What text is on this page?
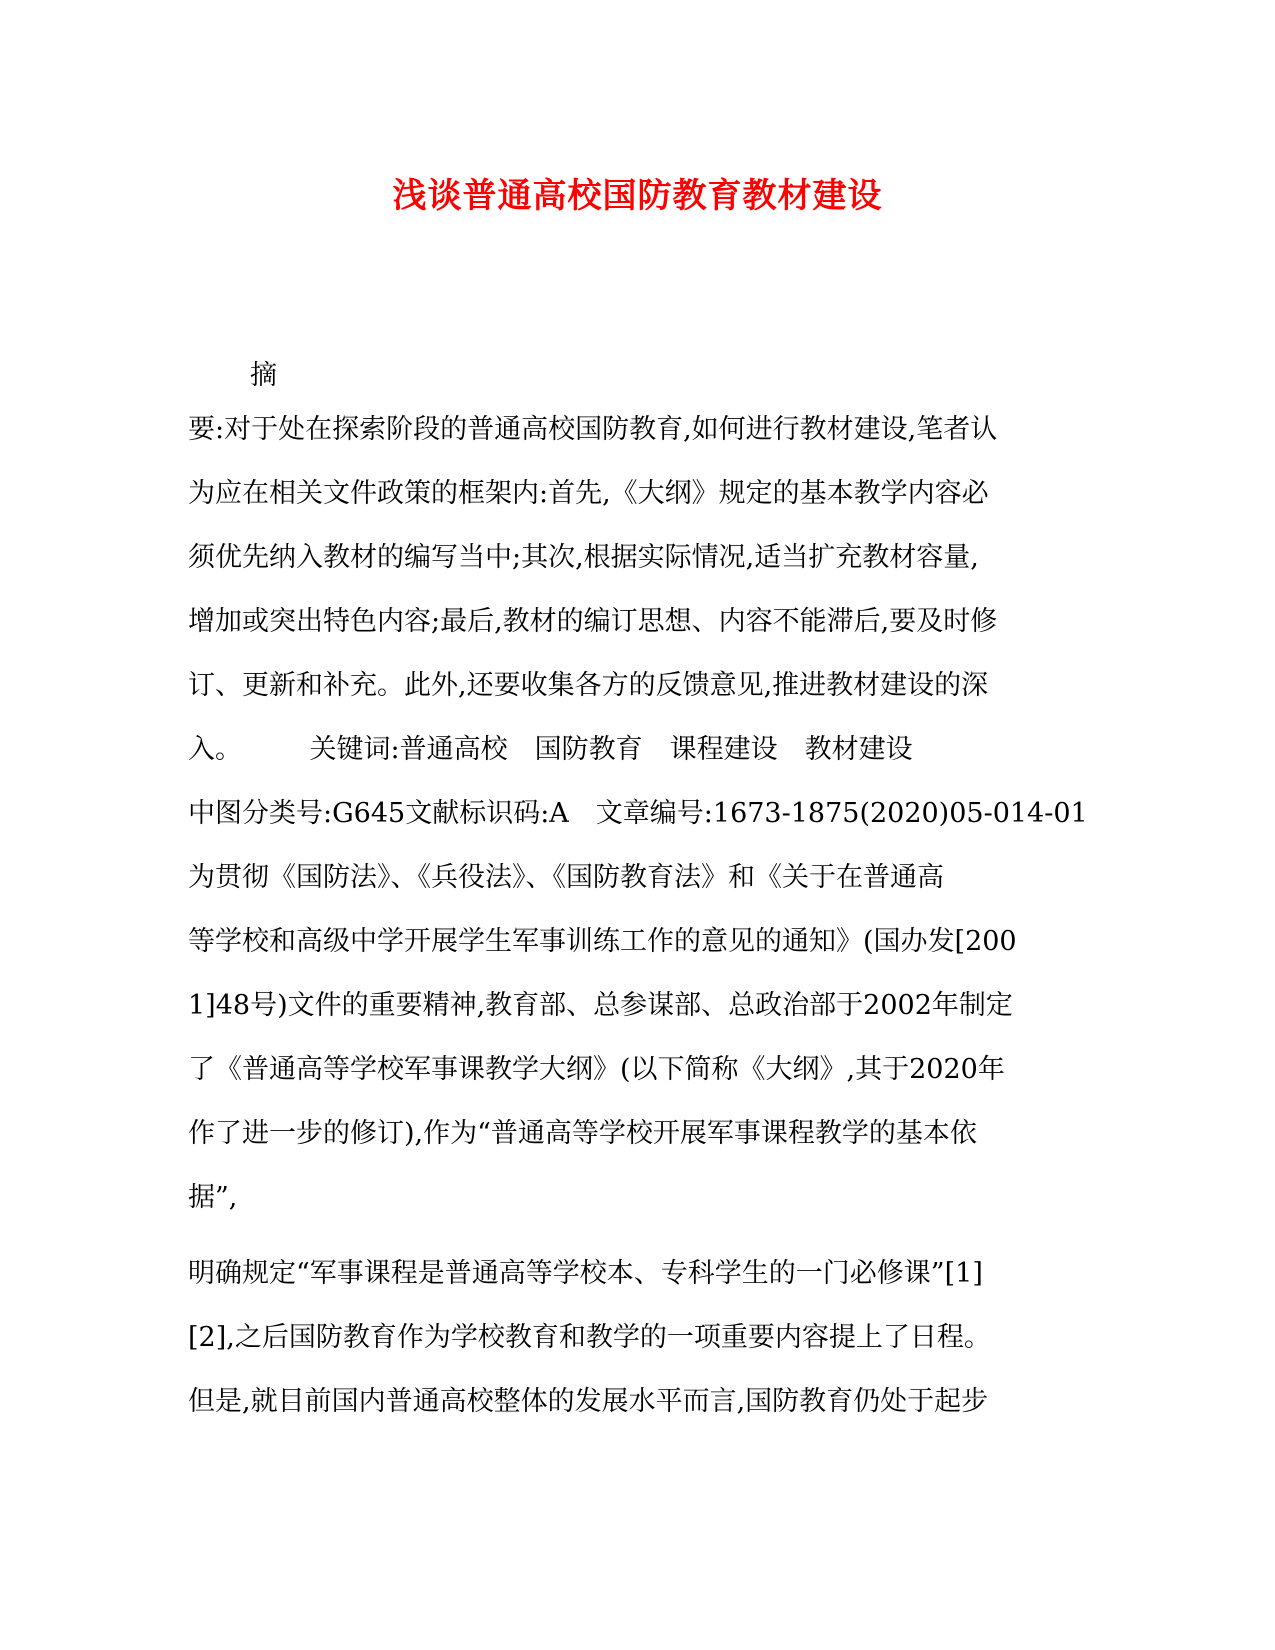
浅谈普通高校国防教育教材建设

摘

要:对于处在探索阶段的普通高校国防教育,如何进行教材建设,笔者认
为应在相关文件政策的框架内:首先,《大纲》规定的基本教学内容必
须优先纳入教材的编写当中;其次,根据实际情况,适当扩充教材容量,
增加或突出特色内容;最后,教材的编订思想、内容不能滞后,要及时修
订、更新和补充。此外,还要收集各方的反馈意见,推进教材建设的深
入。　　　关键词:普通高校　国防教育　课程建设　教材建设
中图分类号:G645文献标识码:A　文章编号:1673-1875(2020)05-014-01
为贯彻《国防法》、《兵役法》、《国防教育法》和《关于在普通高
等学校和高级中学开展学生军事训练工作的意见的通知》(国办发[200
1]48号)文件的重要精神,教育部、总参谋部、总政治部于2002年制定
了《普通高等学校军事课教学大纲》(以下简称《大纲》,其于2020年
作了进一步的修订),作为“普通高等学校开展军事课程教学的基本依
据”,
明确规定“军事课程是普通高等学校本、专科学生的一门必修课”[1]
[2],之后国防教育作为学校教育和教学的一项重要内容提上了日程。
但是,就目前国内普通高校整体的发展水平而言,国防教育仍处于起步
